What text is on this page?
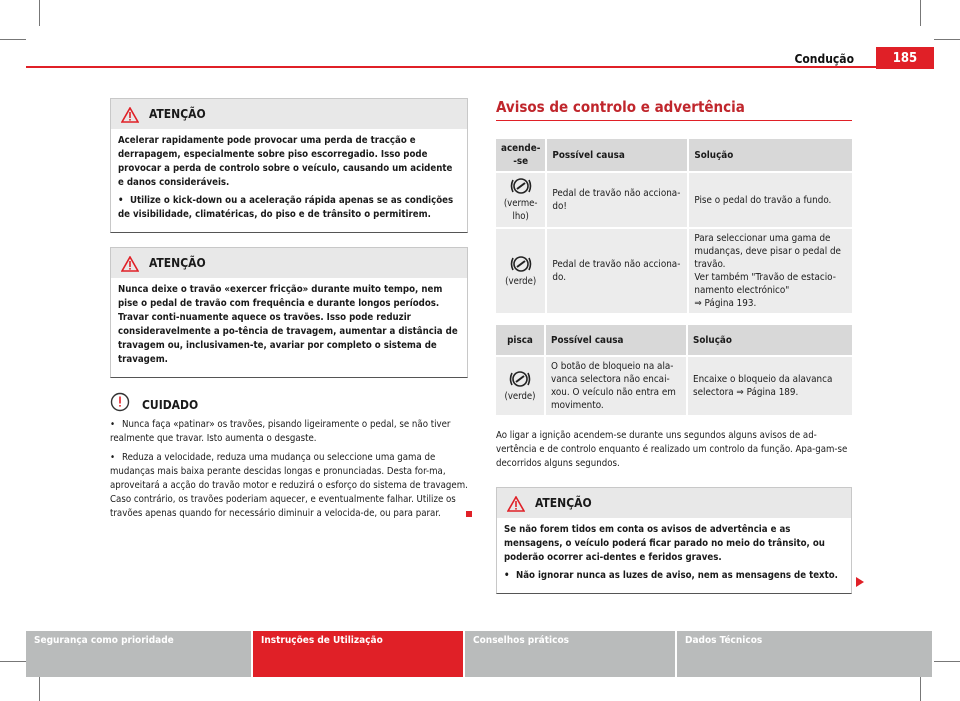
Condução	185
ATENÇÃO

Acelerar rapidamente pode provocar uma perda de tracção e derrapagem, especialmente sobre piso escorregadio. Isso pode provocar a perda de controlo sobre o veículo, causando um acidente e danos consideráveis.

• Utilize o kick-down ou a aceleração rápida apenas se as condições de visibilidade, climatéricas, do piso e de trânsito o permitirem.

ATENÇÃO

Nunca deixe o travão «exercer fricção» durante muito tempo, nem pise o pedal de travão com frequência e durante longos períodos. Travar conti-nuamente aquece os travões. Isso pode reduzir consideravelmente a po-tência de travagem, aumentar a distância de travagem ou, inclusivamen-te, avariar por completo o sistema de travagem.

CUIDADO

• Nunca faça «patinar» os travões, pisando ligeiramente o pedal, se não tiver realmente que travar. Isto aumenta o desgaste.

• Reduza a velocidade, reduza uma mudança ou seleccione uma gama de mudanças mais baixa perante descidas longas e pronunciadas. Desta for-ma, aproveitará a acção do travão motor e reduzirá o esforço do sistema de travagem. Caso contrário, os travões poderiam aquecer, e eventualmente falhar. Utilize os travões apenas quando for necessário diminuir a velocida-de, ou para parar.

Avisos de controlo e advertência
acende--se	Possível causa	Solução

(verme-lho)	Pedal de travão não acciona-do!	Pise o pedal do travão a fundo.

(verde)	Pedal de travão não acciona-do.	Para seleccionar uma gama de mudanças, deve pisar o pedal de travão.
Ver também "Travão de estacio-namento electrónico"
⇒ Página 193.
pisca	Possível causa	Solução

(verde)	O botão de bloqueio na ala-vanca selectora não encai-xou. O veículo não entra em movimento.	Encaixe o bloqueio da alavanca selectora ⇒ Página 189.

Ao ligar a ignição acendem-se durante uns segundos alguns avisos de ad-vertência e de controlo enquanto é realizado um controlo da função. Apa-gam-se decorridos alguns segundos.

ATENÇÃO

Se não forem tidos em conta os avisos de advertência e as mensagens, o veículo poderá ficar parado no meio do trânsito, ou poderão ocorrer aci-dentes e feridos graves.

• Não ignorar nunca as luzes de aviso, nem as mensagens de texto.

Segurança como prioridade	Instruções de Utilização	Conselhos práticos	Dados Técnicos
